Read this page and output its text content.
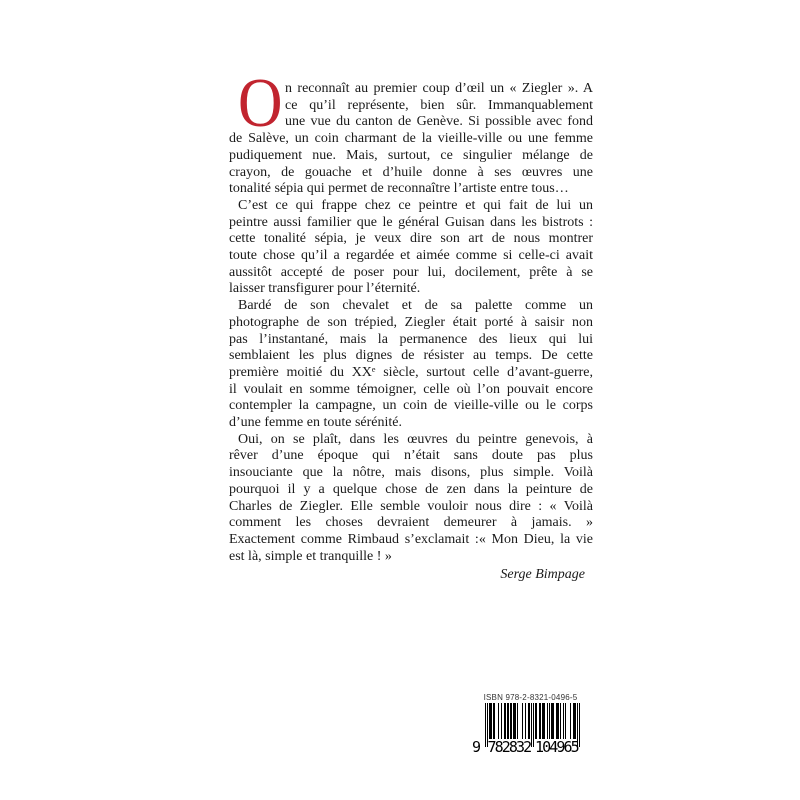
O n reconnaît au premier coup d’œil un « Ziegler ». A
ce qu’il représente, bien sûr. Immanquablement
une vue du canton de Genève. Si possible avec fond
de Salève, un coin charmant de la vieille-ville ou une femme
pudiquement nue. Mais, surtout, ce singulier mélange de
crayon, de gouache et d’huile donne à ses œuvres une
tonalité sépia qui permet de reconnaître l’artiste entre tous…
C’est ce qui frappe chez ce peintre et qui fait de lui un
peintre aussi familier que le général Guisan dans les bistrots :
cette tonalité sépia, je veux dire son art de nous montrer
toute chose qu’il a regardée et aimée comme si celle-ci avait
aussitôt accepté de poser pour lui, docilement, prête à se
laisser transfigurer pour l’éternité.
Bardé de son chevalet et de sa palette comme un
photographe de son trépied, Ziegler était porté à saisir non
pas l’instantané, mais la permanence des lieux qui lui
semblaient les plus dignes de résister au temps. De cette
première moitié du XXᵉ siècle, surtout celle d’avant-guerre,
il voulait en somme témoigner, celle où l’on pouvait encore
contempler la campagne, un coin de vieille-ville ou le corps
d’une femme en toute sérénité.
Oui, on se plaît, dans les œuvres du peintre genevois, à
rêver d’une époque qui n’était sans doute pas plus
insouciante que la nôtre, mais disons, plus simple. Voilà
pourquoi il y a quelque chose de zen dans la peinture de
Charles de Ziegler. Elle semble vouloir nous dire : « Voilà
comment les choses devraient demeurer à jamais. »
Exactement comme Rimbaud s’exclamait :« Mon Dieu, la vie
est là, simple et tranquille ! »
Serge Bimpage
ISBN 978-2-8321-0496-5
9 782832 104965
